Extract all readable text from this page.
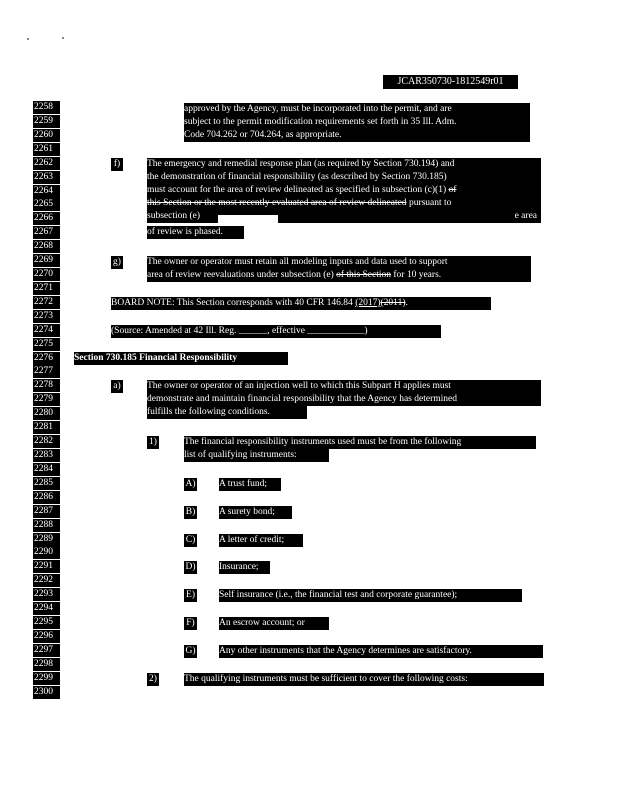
JCAR350730-1812549r01
2258
2259
2260
2261
2262
2263
2264
2265
2266
2267
2268
2269
2270
2271
2272
2273
2274
2275
2276
2277
2278
2279
2280
2281
2282
2283
2284
2285
2286
2287
2288
2289
2290
2291
2292
2293
2294
2295
2296
2297
2298
2299
2300
approved by the Agency, must be incorporated into the permit, and are
subject to the permit modification requirements set forth in 35 Ill. Adm.
Code 704.262 or 704.264, as appropriate.
f)	The emergency and remedial response plan (as required by Section 730.194) and
the demonstration of financial responsibility (as described by Section 730.185)
must account for the area of review delineated as specified in subsection (c)(1) of
this Section or the most recently evaluated area of review delineated pursuant to
subsection (e)	e area
of review is phased.
g)	The owner or operator must retain all modeling inputs and data used to support
area of review reevaluations under subsection (e) of this Section for 10 years.
BOARD NOTE: This Section corresponds with 40 CFR 146.84 (2017)(2011).
(Source: Amended at 42 Ill. Reg. ______, effective ____________)
Section 730.185 Financial Responsibility
a)	The owner or operator of an injection well to which this Subpart H applies must
demonstrate and maintain financial responsibility that the Agency has determined
fulfills the following conditions.
1)	The financial responsibility instruments used must be from the following
list of qualifying instruments:
A) A trust fund;
B)	A surety bond;
C)	A letter of credit;
D) Insurance;
E)	Self insurance (i.e., the financial test and corporate guarantee);
F)	An escrow account; or
G) Any other instruments that the Agency determines are satisfactory.
2)	The qualifying instruments must be sufficient to cover the following costs:
